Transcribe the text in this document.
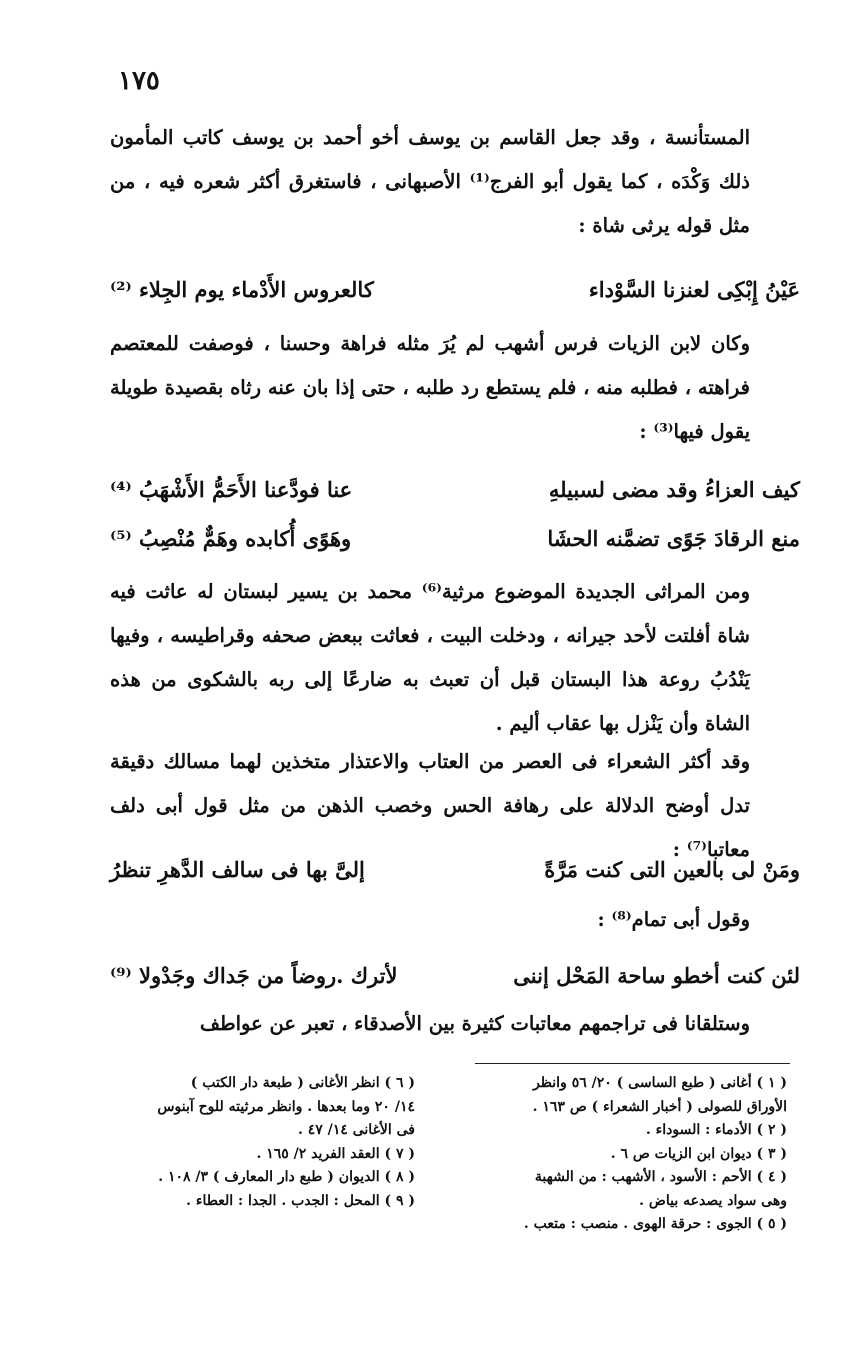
١٧٥
المستأنسة ، وقد جعل القاسم بن يوسف أخو أحمد بن يوسف كاتب المأمون ذلك وَكْدَه ، كما يقول أبو الفرج⁽¹⁾ الأصبهانى ، فاستغرق أكثر شعره فيه ، من مثل قوله يرثى شاة :
عَيْنُ إِبْكِى لعنزنا السَّوْداء
كالعروس الأَدْماء يوم الجِلاء ⁽²⁾
وكان لابن الزيات فرس أشهب لم يُرَ مثله فراهة وحسنا ، فوصفت للمعتصم فراهته ، فطلبه منه ، فلم يستطع رد طلبه ، حتى إذا بان عنه رثاه بقصيدة طويلة يقول فيها⁽³⁾ :
كيف العزاءُ وقد مضى لسبيلهِ
عنا فودَّعنا الأَحَمُّ الأَشْهَبُ ⁽⁴⁾
منع الرقادَ جَوًى تضمَّنه الحشَا
وهَوًى أُكابده وهَمٌّ مُنْصِبُ ⁽⁵⁾
ومن المراثى الجديدة الموضوع مرثية⁽⁶⁾ محمد بن يسير لبستان له عاثت فيه شاة أفلتت لأحد جيرانه ، ودخلت البيت ، فعاثت ببعض صحفه وقراطيسه ، وفيها يَنْدُبُ روعة هذا البستان قبل أن تعبث به ضارعًا إلى ربه بالشكوى من هذه الشاة وأن يَنْزل بها عقاب أليم .
وقد أكثر الشعراء فى العصر من العتاب والاعتذار متخذين لهما مسالك دقيقة تدل أوضح الدلالة على رهافة الحس وخصب الذهن من مثل قول أبى دلف معاتبا⁽⁷⁾ :
ومَنْ لى بالعين التى كنت مَرَّةً
إلىَّ بها فى سالف الدَّهرِ تنظرُ
وقول أبى تمام⁽⁸⁾ :
لئن كنت أخطو ساحة المَحْل إننى
لأترك .روضاً من جَداك وجَدْولا ⁽⁹⁾
وستلقانا فى تراجمهم معاتبات كثيرة بين الأصدقاء ، تعبر عن عواطف
( ١ ) أغانى ( طبع الساسى ) ٢٠/ ٥٦ وانظر
الأوراق للصولى ( أخبار الشعراء ) ص ١٦٣ .
( ٢ ) الأدماء : السوداء .
( ٣ ) ديوان ابن الزيات ص ٦ .
( ٤ ) الأحم : الأسود ، الأشهب : من الشهبة
وهى سواد يصدعه بياض .
( ٥ ) الجوى : حرقة الهوى . منصب : متعب .
( ٦ ) انظر الأغانى ( طبعة دار الكتب )
١٤/ ٢٠ وما بعدها . وانظر مرثيته للوح آبنوس
فى الأغانى ١٤/ ٤٧ .
( ٧ ) العقد الفريد ٢/ ١٦٥ .
( ٨ ) الديوان ( طبع دار المعارف ) ٣/ ١٠٨ .
( ٩ ) المحل : الجدب . الجدا : العطاء .
